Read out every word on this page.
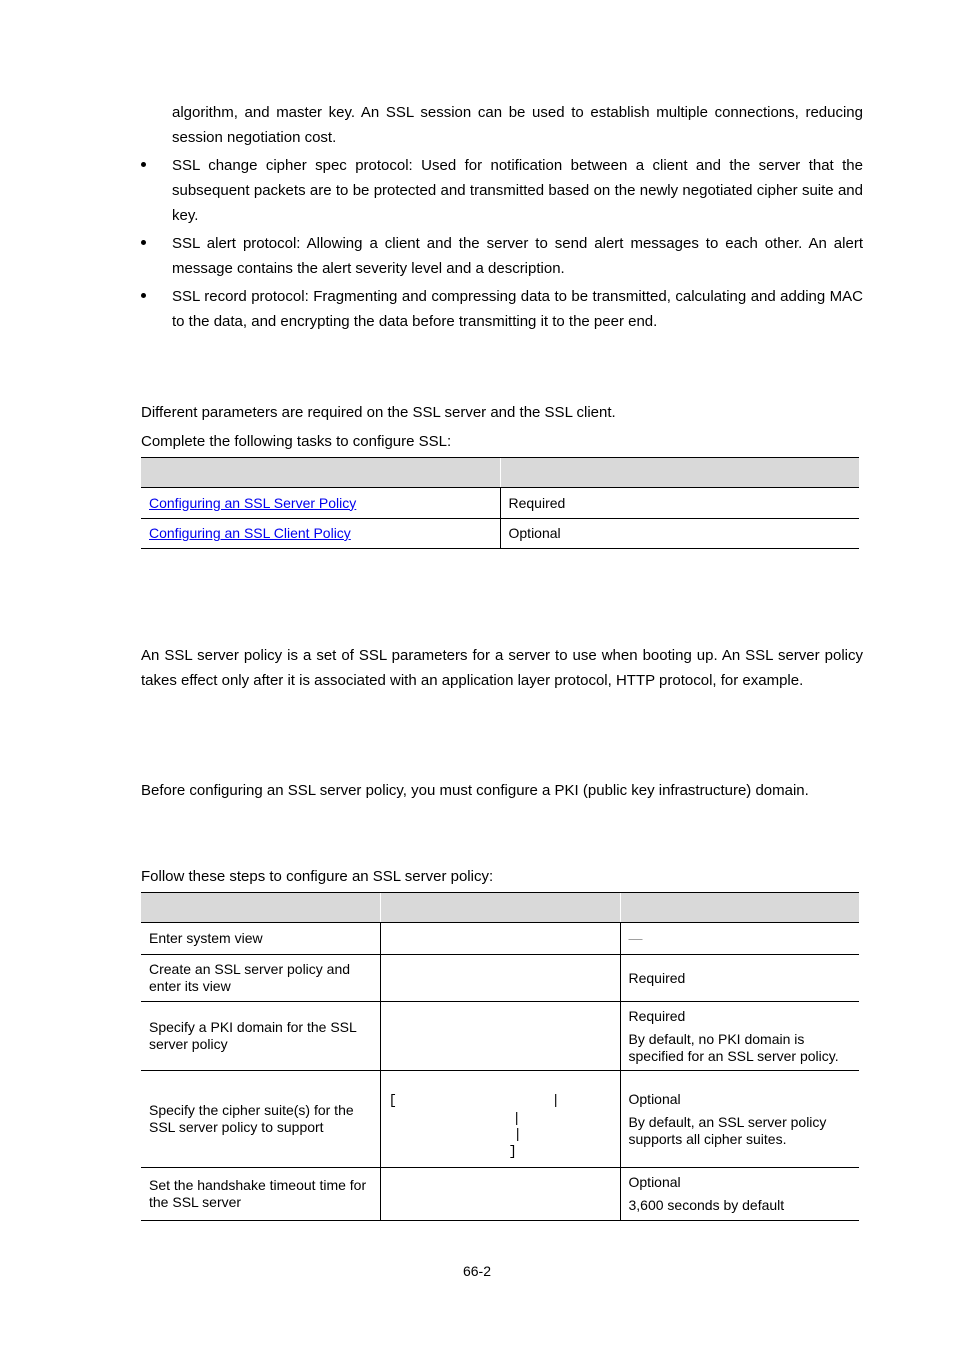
algorithm, and master key. An SSL session can be used to establish multiple connections, reducing session negotiation cost.

SSL change cipher spec protocol: Used for notification between a client and the server that the subsequent packets are to be protected and transmitted based on the newly negotiated cipher suite and key.
SSL alert protocol: Allowing a client and the server to send alert messages to each other. An alert message contains the alert severity level and a description.
SSL record protocol: Fragmenting and compressing data to be transmitted, calculating and adding MAC to the data, and encrypting the data before transmitting it to the peer end.

Different parameters are required on the SSL server and the SSL client.

Complete the following tasks to configure SSL:

Configuring an SSL Server Policy	Required
Configuring an SSL Client Policy	Optional

An SSL server policy is a set of SSL parameters for a server to use when booting up. An SSL server policy takes effect only after it is associated with an application layer protocol, HTTP protocol, for example.

Before configuring an SSL server policy, you must configure a PKI (public key infrastructure) domain.

Follow these steps to configure an SSL server policy:

Enter system view		—
Create an SSL server policy and enter its view		Required
Specify a PKI domain for the SSL server policy		Required
By default, no PKI domain is specified for an SSL server policy.

Specify the cipher suite(s) for the SSL server policy to support	[ |
|
|
]	Optional
By default, an SSL server policy supports all cipher suites.

Set the handshake timeout time for the SSL server		Optional
3,600 seconds by default
66-2
